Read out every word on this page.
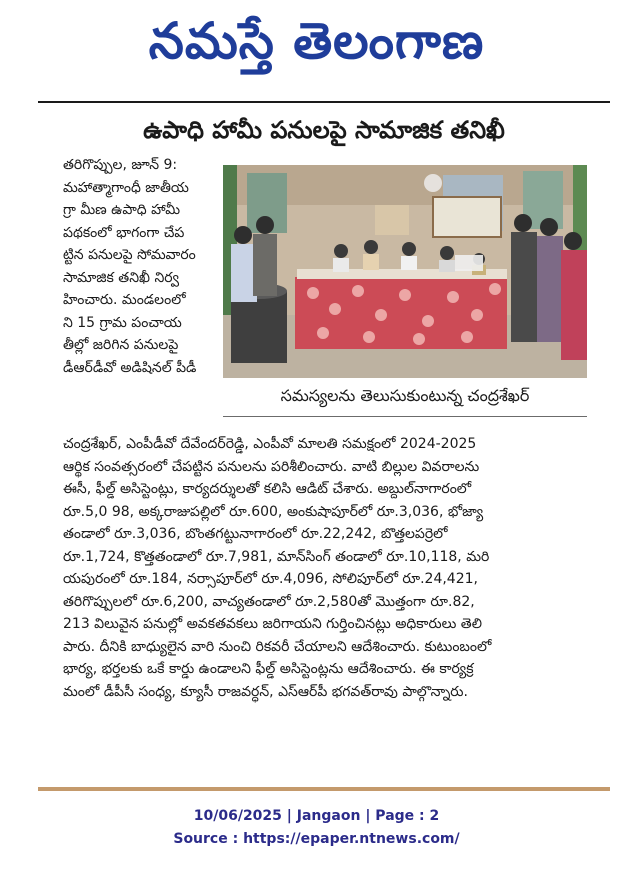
నమస్తే తెలంగాణ
ఉపాధి హామీ పనులపై సామాజిక తనిఖీ
తరిగొప్పుల, జూన్ 9:
మహాత్మాగాంధీ జాతీయ
గ్రా మీణ ఉపాధి హామీ
పథకంలో భాగంగా చేప
ట్టిన పనులపై సోమవారం
సామాజిక తనిఖీ నిర్వ
హించారు. మండలంలో
ని 15 గ్రామ పంచాయ
తీల్లో జరిగిన పనులపై
డీఆర్‌డీవో అడిషినల్ పీడీ
సమస్యలను తెలుసుకుంటున్న చంద్రశేఖర్
చంద్రశేఖర్, ఎంపీడీవో దేవేందర్‌రెడ్డి, ఎంపీవో మాలతి సమక్షంలో 2024-2025
ఆర్థిక సంవత్సరంలో చేపట్టిన పనులను పరిశీలించారు. వాటి బిల్లుల వివరాలను
ఈసీ, ఫీల్డ్ అసిస్టెంట్లు, కార్యదర్శులతో కలిసి ఆడిట్ చేశారు. అబ్దుల్‌నాగారంలో
రూ.5,0 98, అక్కరాజుపల్లిలో రూ.600, అంకుషాపూర్‌లో రూ.3,036, భోజ్యా
తండాలో రూ.3,036, బొంతగట్టునాగారంలో రూ.22,242, బొత్తలపర్రెలో
రూ.1,724, కొత్తతండాలో రూ.7,981, మాన్‌సింగ్ తండాలో రూ.10,118, మరి
యపురంలో రూ.184, నర్సాపూర్‌లో రూ.4,096, సోలిపూర్‌లో రూ.24,421,
తరిగొప్పులలో రూ.6,200, వాచ్యతండాలో రూ.2,580తో మొత్తంగా రూ.82,
213 విలువైన పనుల్లో అవకతవకలు జరిగాయని గుర్తించినట్లు అధికారులు తెలి
పారు. దీనికి బాధ్యులైన వారి నుంచి రికవరీ చేయాలని ఆదేశించారు. కుటుంబంలో
భార్య, భర్తలకు ఒకే కార్డు ఉండాలని ఫీల్డ్ అసిస్టెంట్లను ఆదేశించారు. ఈ కార్యక్ర
మంలో డీపీసీ సంధ్య, క్యూసీ రాజవర్ధన్, ఎస్‌ఆర్‌పీ భగవత్‌రావు పాల్గొన్నారు.
10/06/2025 | Jangaon | Page : 2
Source : https://epaper.ntnews.com/
